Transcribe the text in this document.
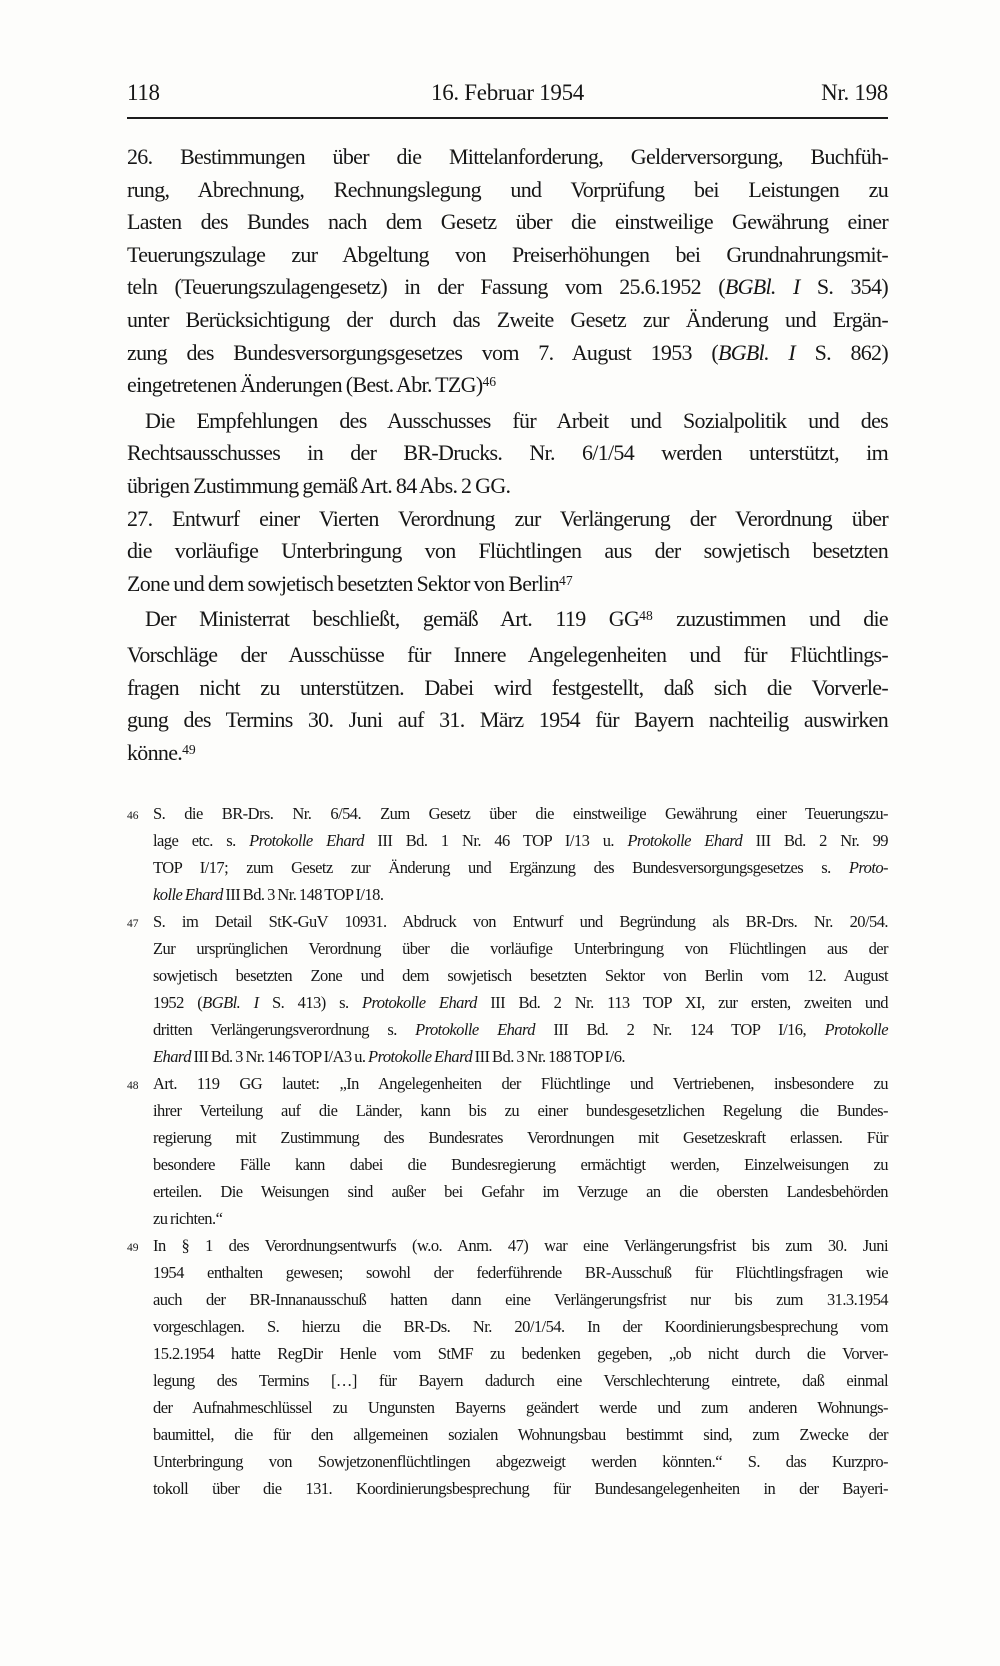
118	16. Februar 1954	Nr. 198
26. Bestimmungen über die Mittelanforderung, Gelderversorgung, Buchfüh-
rung, Abrechnung, Rechnungslegung und Vorprüfung bei Leistungen zu
Lasten des Bundes nach dem Gesetz über die einstweilige Gewährung einer
Teuerungszulage zur Abgeltung von Preiserhöhungen bei Grundnahrungsmit-
teln (Teuerungszulagengesetz) in der Fassung vom 25.6.1952 (BGBl. I S. 354)
unter Berücksichtigung der durch das Zweite Gesetz zur Änderung und Ergän-
zung des Bundesversorgungsgesetzes vom 7. August 1953 (BGBl. I S. 862)
eingetretenen Änderungen (Best. Abr. TZG)$^{46}$
Die Empfehlungen des Ausschusses für Arbeit und Sozialpolitik und des
Rechtsausschusses in der BR-Drucks. Nr. 6/1/54 werden unterstützt, im
übrigen Zustimmung gemäß Art. 84 Abs. 2 GG.
27. Entwurf einer Vierten Verordnung zur Verlängerung der Verordnung über
die vorläufige Unterbringung von Flüchtlingen aus der sowjetisch besetzten
Zone und dem sowjetisch besetzten Sektor von Berlin$^{47}$
Der Ministerrat beschließt, gemäß Art. 119 GG$^{48}$ zuzustimmen und die
Vorschläge der Ausschüsse für Innere Angelegenheiten und für Flüchtlings-
fragen nicht zu unterstützen. Dabei wird festgestellt, daß sich die Vorverle-
gung des Termins 30. Juni auf 31. März 1954 für Bayern nachteilig auswirken
könne.$^{49}$
46 S. die BR-Drs. Nr. 6/54. Zum Gesetz über die einstweilige Gewährung einer Teuerungszu-
lage etc. s. Protokolle Ehard III Bd. 1 Nr. 46 TOP I/13 u. Protokolle Ehard III Bd. 2 Nr. 99
TOP I/17; zum Gesetz zur Änderung und Ergänzung des Bundesversorgungsgesetzes s. Proto-
kolle Ehard III Bd. 3 Nr. 148 TOP I/18.
47 S. im Detail StK-GuV 10931. Abdruck von Entwurf und Begründung als BR-Drs. Nr. 20/54.
Zur ursprünglichen Verordnung über die vorläufige Unterbringung von Flüchtlingen aus der
sowjetisch besetzten Zone und dem sowjetisch besetzten Sektor von Berlin vom 12. August
1952 (BGBl. I S. 413) s. Protokolle Ehard III Bd. 2 Nr. 113 TOP XI, zur ersten, zweiten und
dritten Verlängerungsverordnung s. Protokolle Ehard III Bd. 2 Nr. 124 TOP I/16, Protokolle
Ehard III Bd. 3 Nr. 146 TOP I/A3 u. Protokolle Ehard III Bd. 3 Nr. 188 TOP I/6.
48 Art. 119 GG lautet: „In Angelegenheiten der Flüchtlinge und Vertriebenen, insbesondere zu
ihrer Verteilung auf die Länder, kann bis zu einer bundesgesetzlichen Regelung die Bundes-
regierung mit Zustimmung des Bundesrates Verordnungen mit Gesetzeskraft erlassen. Für
besondere Fälle kann dabei die Bundesregierung ermächtigt werden, Einzelweisungen zu
erteilen. Die Weisungen sind außer bei Gefahr im Verzuge an die obersten Landesbehörden
zu richten.“
49 In § 1 des Verordnungsentwurfs (w.o. Anm. 47) war eine Verlängerungsfrist bis zum 30. Juni
1954 enthalten gewesen; sowohl der federführende BR-Ausschuß für Flüchtlingsfragen wie
auch der BR-Innanausschuß hatten dann eine Verlängerungsfrist nur bis zum 31.3.1954
vorgeschlagen. S. hierzu die BR-Ds. Nr. 20/1/54. In der Koordinierungsbesprechung vom
15.2.1954 hatte RegDir Henle vom StMF zu bedenken gegeben, „ob nicht durch die Vorver-
legung des Termins […] für Bayern dadurch eine Verschlechterung eintrete, daß einmal
der Aufnahmeschlüssel zu Ungunsten Bayerns geändert werde und zum anderen Wohnungs-
baumittel, die für den allgemeinen sozialen Wohnungsbau bestimmt sind, zum Zwecke der
Unterbringung von Sowjetzonenflüchtlingen abgezweigt werden könnten.“ S. das Kurzpro-
tokoll über die 131. Koordinierungsbesprechung für Bundesangelegenheiten in der Bayeri-
